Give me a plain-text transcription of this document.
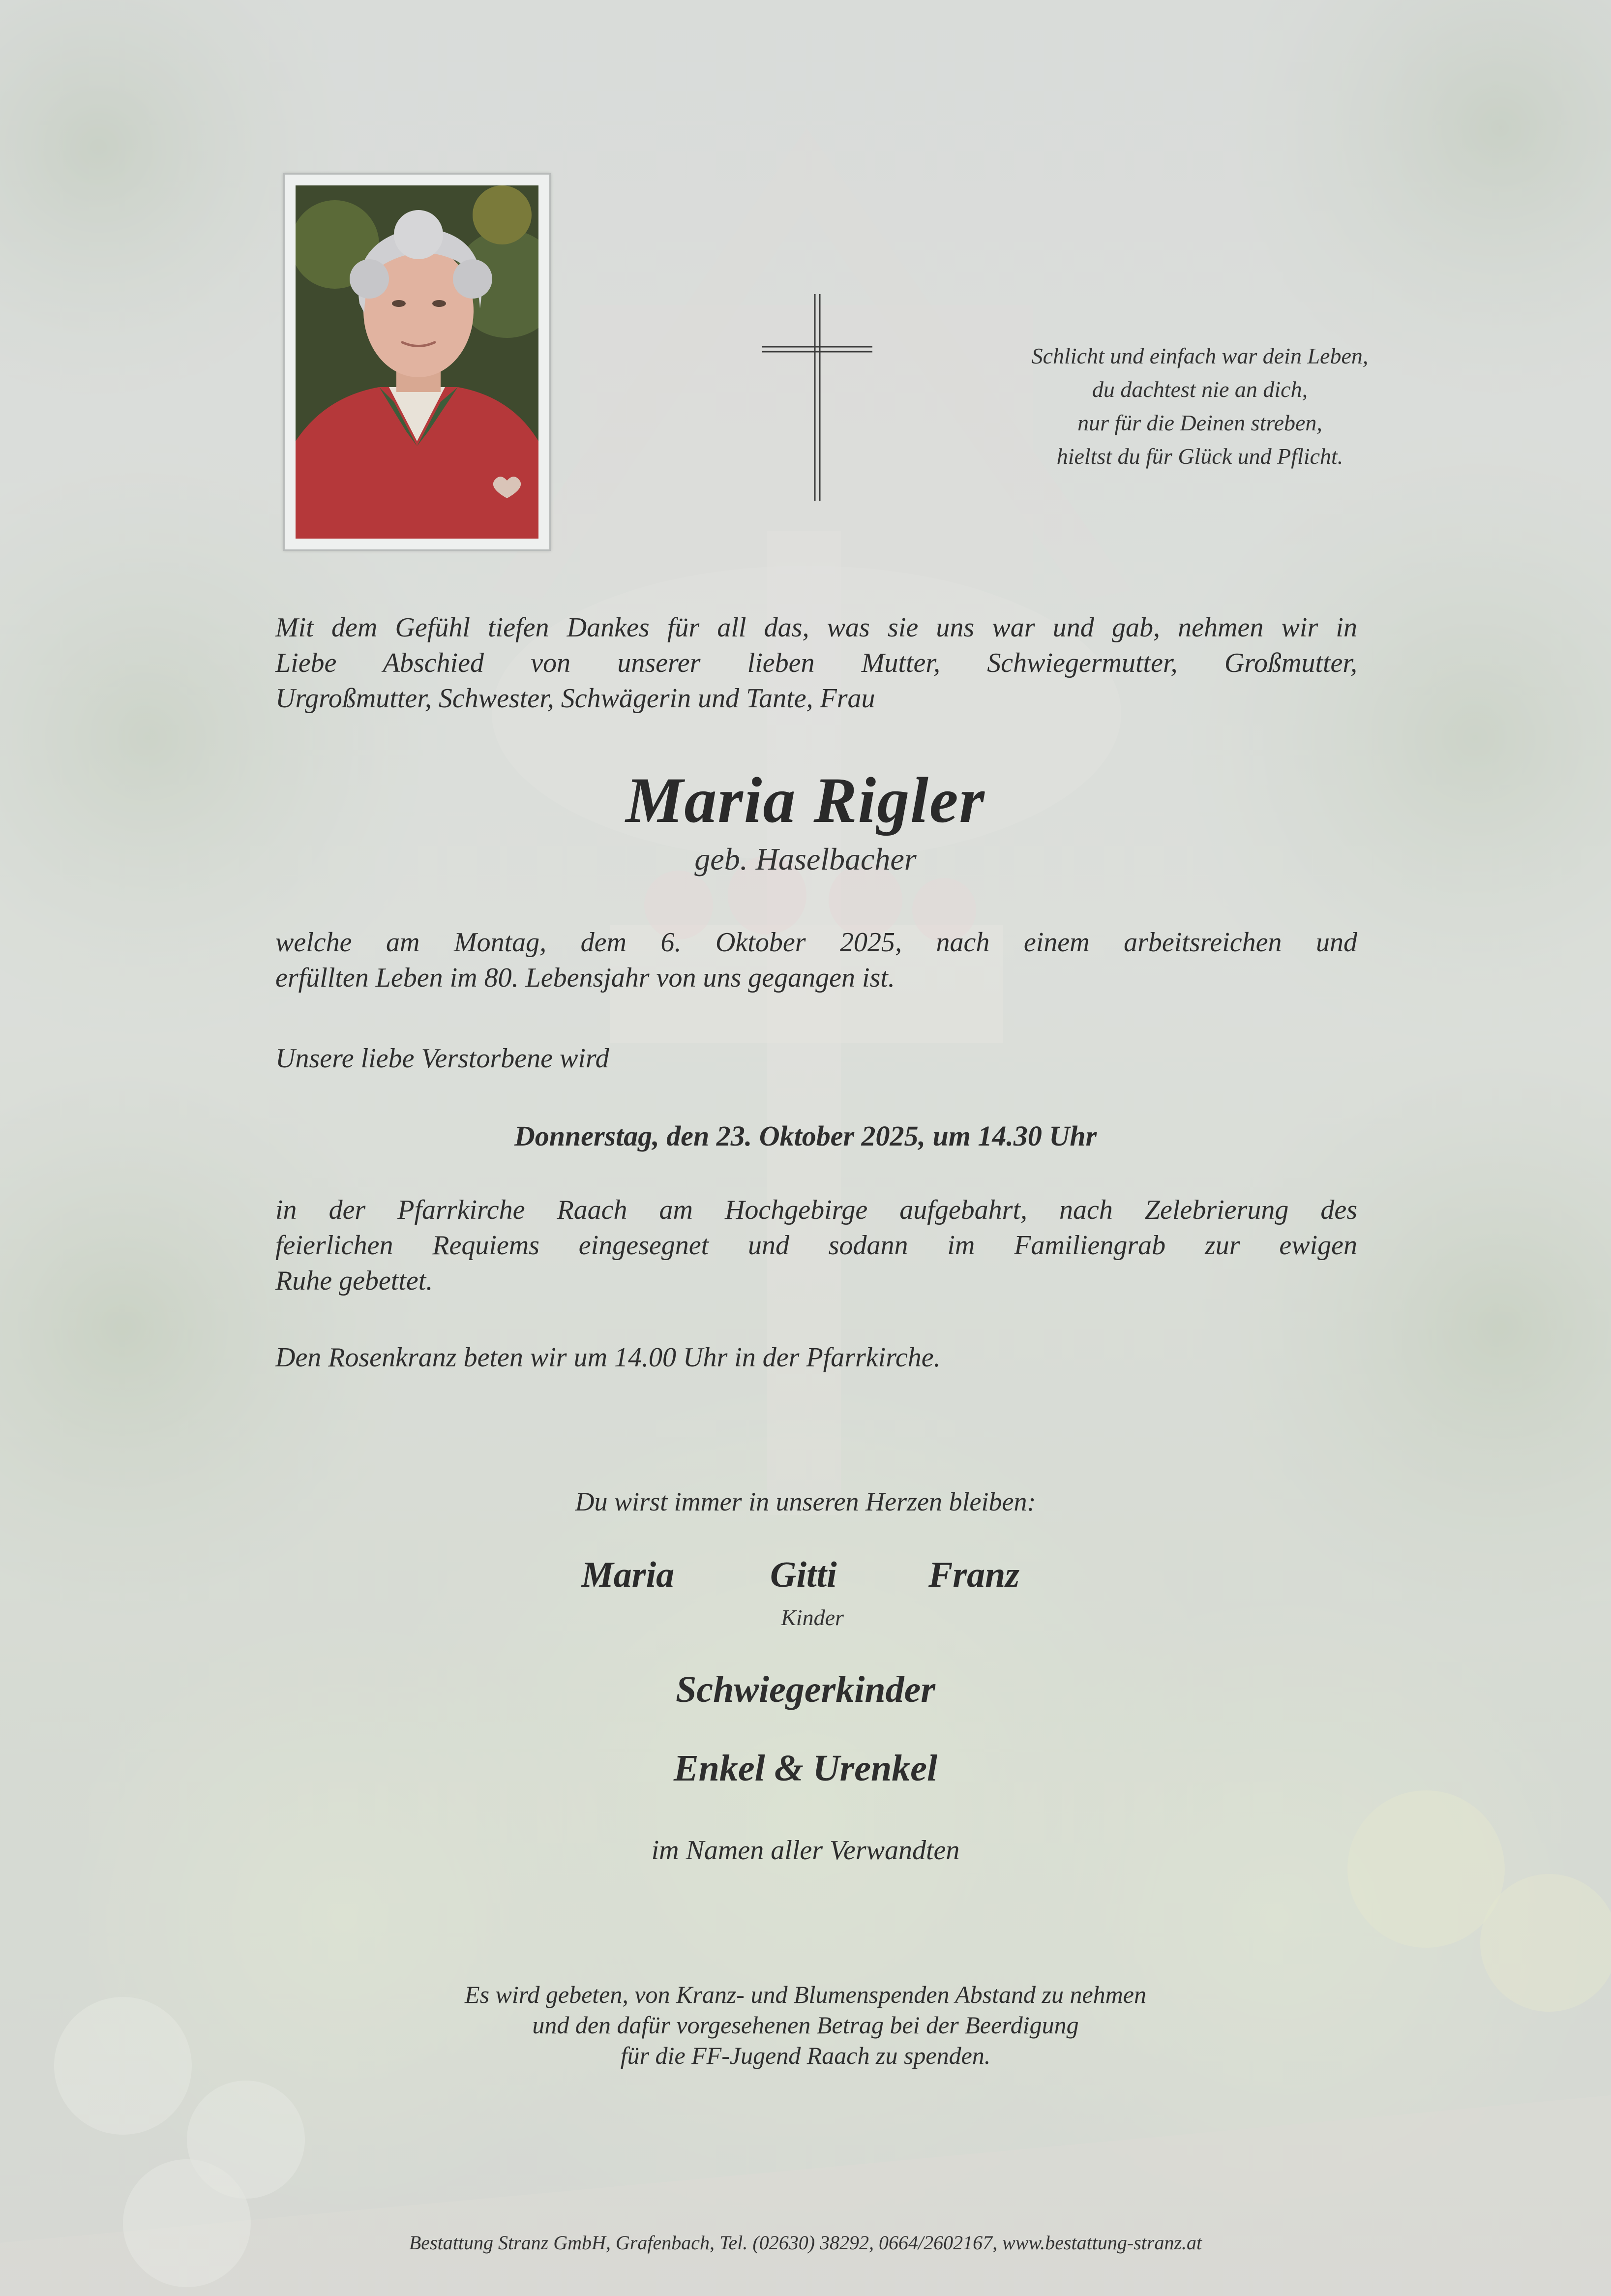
Schlicht und einfach war dein Leben,
du dachtest nie an dich,
nur für die Deinen streben,
hieltst du für Glück und Pflicht.
Mit dem Gefühl tiefen Dankes für all das, was sie uns war und gab, nehmen wir in
Liebe Abschied von unserer lieben Mutter, Schwiegermutter, Großmutter,
Urgroßmutter, Schwester, Schwägerin und Tante, Frau
Maria Rigler
geb. Haselbacher
welche am Montag, dem 6. Oktober 2025, nach einem arbeitsreichen und
erfüllten Leben im 80. Lebensjahr von uns gegangen ist.
Unsere liebe Verstorbene wird
Donnerstag, den 23. Oktober 2025, um 14.30 Uhr
in der Pfarrkirche Raach am Hochgebirge aufgebahrt, nach Zelebrierung des
feierlichen Requiems eingesegnet und sodann im Familiengrab zur ewigen
Ruhe gebettet.
Den Rosenkranz beten wir um 14.00 Uhr in der Pfarrkirche.
Du wirst immer in unseren Herzen bleiben:
Maria	Gitti	Franz
Kinder
Schwiegerkinder
Enkel & Urenkel
im Namen aller Verwandten
Es wird gebeten, von Kranz- und Blumenspenden Abstand zu nehmen
und den dafür vorgesehenen Betrag bei der Beerdigung
für die FF-Jugend Raach zu spenden.
Bestattung Stranz GmbH, Grafenbach, Tel. (02630) 38292, 0664/2602167, www.bestattung-stranz.at
